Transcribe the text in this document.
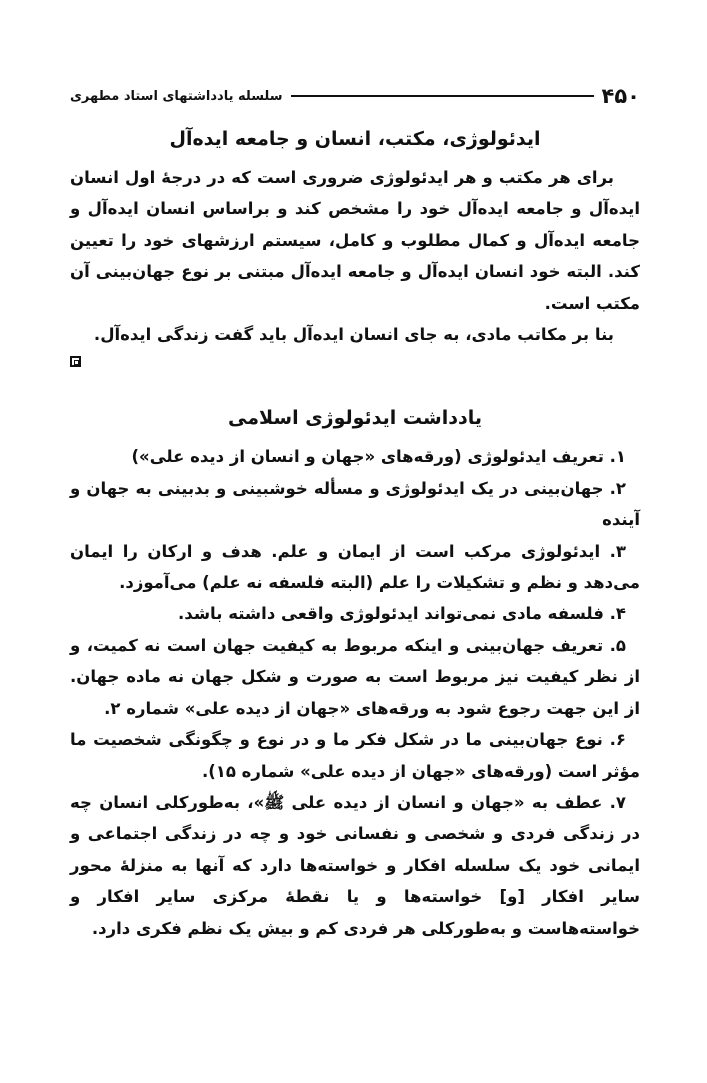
۴۵۰
سلسله یادداشتهای استاد مطهری
ایدئولوژی، مکتب، انسان و جامعه ایده‌آل

برای هر مکتب و هر ایدئولوژی ضروری است که در درجهٔ اول انسان ایده‌آل و جامعه ایده‌آل خود را مشخص کند و براساس انسان ایده‌آل و جامعه ایده‌آل و کمال مطلوب و کامل، سیستم ارزشهای خود را تعیین کند. البته خود انسان ایده‌آل و جامعه ایده‌آل مبتنی بر نوع جهان‌بینی آن مکتب است.

بنا بر مکاتب مادی، به جای انسان ایده‌آل باید گفت زندگی ایده‌آل.

یادداشت ایدئولوژی اسلامی

۱. تعریف ایدئولوژی (ورقه‌های «جهان و انسان از دیده علی»)

۲. جهان‌بینی در یک ایدئولوژی و مسأله خوشبینی و بدبینی به جهان و آینده

۳. ایدئولوژی مرکب است از ایمان و علم. هدف و ارکان را ایمان می‌دهد و نظم و تشکیلات را علم (البته فلسفه نه علم) می‌آموزد.

۴. فلسفه مادی نمی‌تواند ایدئولوژی واقعی داشته باشد.

۵. تعریف جهان‌بینی و اینکه مربوط به کیفیت جهان است نه کمیت، و از نظر کیفیت نیز مربوط است به صورت و شکل جهان نه ماده جهان. از این جهت رجوع شود به ورقه‌های «جهان از دیده علی» شماره ۲.

۶. نوع جهان‌بینی ما در شکل فکر ما و در نوع و چگونگی شخصیت ما مؤثر است (ورقه‌های «جهان از دیده علی» شماره ۱۵).

۷. عطف به «جهان و انسان از دیده علی ﷺ»، به‌طورکلی انسان چه در زندگی فردی و شخصی و نفسانی خود و چه در زندگی اجتماعی و ایمانی خود یک سلسله افکار و خواسته‌ها دارد که آنها به منزلهٔ محور سایر افکار [و] خواسته‌ها و یا نقطهٔ مرکزی سایر افکار و خواسته‌هاست و به‌طورکلی هر فردی کم و بیش یک نظم فکری دارد.
